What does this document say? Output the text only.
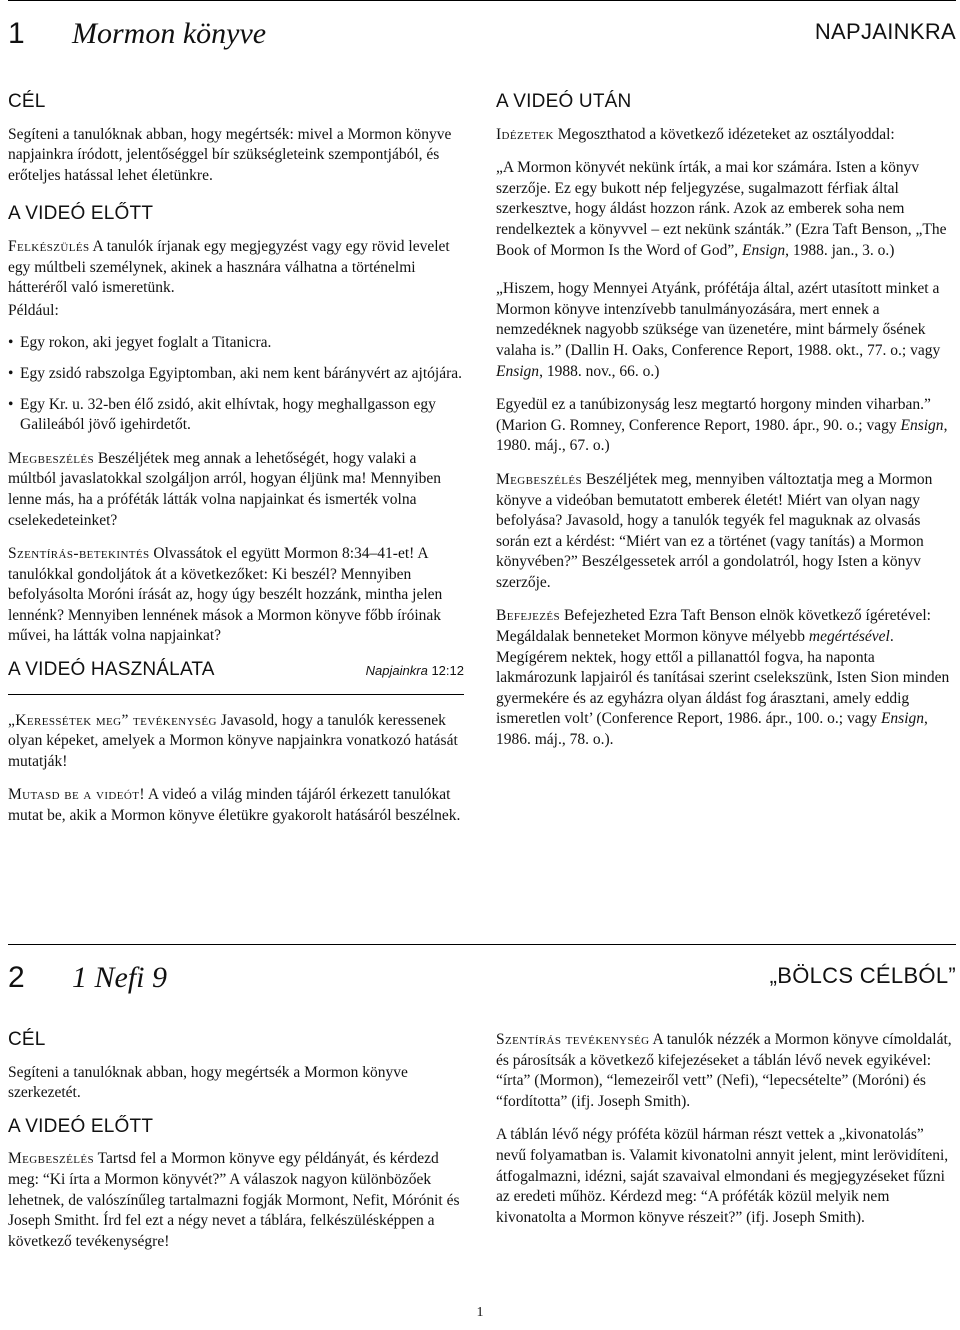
1 Mormon könyve	NAPJAINKRA
CÉL

Segíteni a tanulóknak abban, hogy megértsék: mivel a Mormon könyve napjainkra íródott, jelentőséggel bír szükségleteink szempontjából, és erőteljes hatással lehet életünkre.

A VIDEÓ ELŐTT

Felkészülés A tanulók írjanak egy megjegyzést vagy egy rövid levelet egy múltbeli személynek, akinek a hasznára válhatna a történelmi hátteréről való ismeretünk.

Például:

• Egy rokon, aki jegyet foglalt a Titanicra.
• Egy zsidó rabszolga Egyiptomban, aki nem kent bárányvért az ajtójára.
• Egy Kr. u. 32-ben élő zsidó, akit elhívtak, hogy meghallgasson egy Galileából jövő igehirdetőt.

Megbeszélés Beszéljétek meg annak a lehetőségét, hogy valaki a múltból javaslatokkal szolgáljon arról, hogyan éljünk ma! Mennyiben lenne más, ha a próféták látták volna napjainkat és ismerték volna cselekedeteinket?

Szentírás-betekintés Olvassátok el együtt Mormon 8:34–41-et! A tanulókkal gondoljátok át a következőket: Ki beszél? Mennyiben befolyásolta Moróni írását az, hogy úgy beszélt hozzánk, mintha jelen lennénk? Mennyiben lennének mások a Mormon könyve főbb íróinak művei, ha látták volna napjainkat?

A VIDEÓ HASZNÁLATA	Napjainkra 12:12

„Keressétek meg” tevékenység Javasold, hogy a tanulók keressenek olyan képeket, amelyek a Mormon könyve napjainkra vonatkozó hatását mutatják!

Mutasd be a videót! A videó a világ minden tájáról érkezett tanulókat mutat be, akik a Mormon könyve életükre gyakorolt hatásáról beszélnek.

A VIDEÓ UTÁN

Idézetek Megoszthatod a következő idézeteket az osztályoddal:

„A Mormon könyvét nekünk írták, a mai kor számára. Isten a könyv szerzője. Ez egy bukott nép feljegyzése, sugalmazott férfiak által szerkesztve, hogy áldást hozzon ránk. Azok az emberek soha nem rendelkeztek a könyvvel – ezt nekünk szánták.” (Ezra Taft Benson, „The Book of Mormon Is the Word of God”, Ensign, 1988. jan., 3. o.)

„Hiszem, hogy Mennyei Atyánk, prófétája által, azért utasított minket a Mormon könyve intenzívebb tanulmányozására, mert ennek a nemzedéknek nagyobb szüksége van üzenetére, mint bármely ősének valaha is.” (Dallin H. Oaks, Conference Report, 1988. okt., 77. o.; vagy Ensign, 1988. nov., 66. o.)

Egyedül ez a tanúbizonyság lesz megtartó horgony minden viharban.” (Marion G. Romney, Conference Report, 1980. ápr., 90. o.; vagy Ensign, 1980. máj., 67. o.)

Megbeszélés Beszéljétek meg, mennyiben változtatja meg a Mormon könyve a videóban bemutatott emberek életét! Miért van olyan nagy befolyása? Javasold, hogy a tanulók tegyék fel maguknak az olvasás során ezt a kérdést: “Miért van ez a történet (vagy tanítás) a Mormon könyvében?” Beszélgessetek arról a gondolatról, hogy Isten a könyv szerzője.

Befejezés Befejezheted Ezra Taft Benson elnök következő ígéretével: Megáldalak benneteket Mormon könyve mélyebb megértésével. Megígérem nektek, hogy ettől a pillanattól fogva, ha naponta lakmározunk lapjairól és tanításai szerint cselekszünk, Isten Sion minden gyermekére és az egyházra olyan áldást fog árasztani, amely eddig ismeretlen volt’ (Conference Report, 1986. ápr., 100. o.; vagy Ensign, 1986. máj., 78. o.).

2 1 Nefi 9	„BÖLCS CÉLBÓL”
CÉL

Segíteni a tanulóknak abban, hogy megértsék a Mormon könyve szerkezetét.

A VIDEÓ ELŐTT

Megbeszélés Tartsd fel a Mormon könyve egy példányát, és kérdezd meg: “Ki írta a Mormon könyvét?” A válaszok nagyon különbözőek lehetnek, de valószínűleg tartalmazni fogják Mormont, Nefit, Mórónit és Joseph Smitht. Írd fel ezt a négy nevet a táblára, felkészülésképpen a következő tevékenységre!

Szentírás tevékenység A tanulók nézzék a Mormon könyve címoldalát, és párosítsák a következő kifejezéseket a táblán lévő nevek egyikével: “írta” (Mormon), “lemezeiről vett” (Nefi), “lepecsételte” (Moróni) és “fordította” (ifj. Joseph Smith).

A táblán lévő négy próféta közül hárman részt vettek a „kivonatolás” nevű folyamatban is. Valamit kivonatolni annyit jelent, mint lerövidíteni, átfogalmazni, idézni, saját szavaival elmondani és megjegyzéseket fűzni az eredeti műhöz. Kérdezd meg: “A próféták közül melyik nem kivonatolta a Mormon könyve részeit?” (ifj. Joseph Smith).

1
